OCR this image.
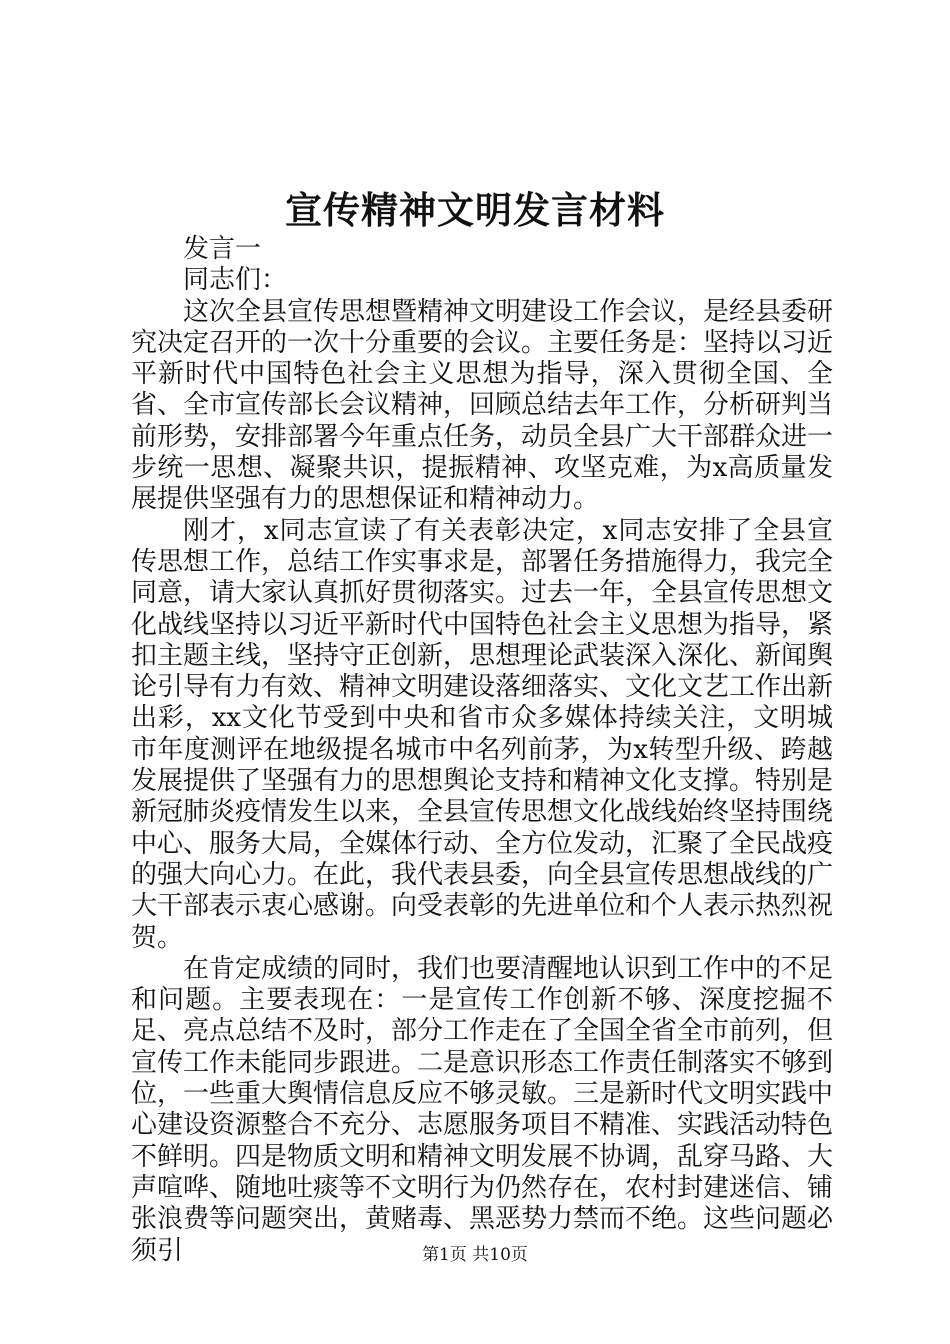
宣传精神文明发言材料

发言一

同志们：

这次全县宣传思想暨精神文明建设工作会议，是经县委研究决定召开的一次十分重要的会议。主要任务是：坚持以习近平新时代中国特色社会主义思想为指导，深入贯彻全国、全省、全市宣传部长会议精神，回顾总结去年工作，分析研判当前形势，安排部署今年重点任务，动员全县广大干部群众进一步统一思想、凝聚共识，提振精神、攻坚克难，为x高质量发展提供坚强有力的思想保证和精神动力。

刚才，x同志宣读了有关表彰决定，x同志安排了全县宣传思想工作，总结工作实事求是，部署任务措施得力，我完全同意，请大家认真抓好贯彻落实。过去一年，全县宣传思想文化战线坚持以习近平新时代中国特色社会主义思想为指导，紧扣主题主线，坚持守正创新，思想理论武装深入深化、新闻舆论引导有力有效、精神文明建设落细落实、文化文艺工作出新出彩，xx文化节受到中央和省市众多媒体持续关注，文明城市年度测评在地级提名城市中名列前茅，为x转型升级、跨越发展提供了坚强有力的思想舆论支持和精神文化支撑。特别是新冠肺炎疫情发生以来，全县宣传思想文化战线始终坚持围绕中心、服务大局，全媒体行动、全方位发动，汇聚了全民战疫的强大向心力。在此，我代表县委，向全县宣传思想战线的广大干部表示衷心感谢。向受表彰的先进单位和个人表示热烈祝贺。

在肯定成绩的同时，我们也要清醒地认识到工作中的不足和问题。主要表现在：一是宣传工作创新不够、深度挖掘不足、亮点总结不及时，部分工作走在了全国全省全市前列，但宣传工作未能同步跟进。二是意识形态工作责任制落实不够到位，一些重大舆情信息反应不够灵敏。三是新时代文明实践中心建设资源整合不充分、志愿服务项目不精准、实践活动特色不鲜明。四是物质文明和精神文明发展不协调，乱穿马路、大声喧哗、随地吐痰等不文明行为仍然存在，农村封建迷信、铺张浪费等问题突出，黄赌毒、黑恶势力禁而不绝。这些问题必须引	第1页 共10页
